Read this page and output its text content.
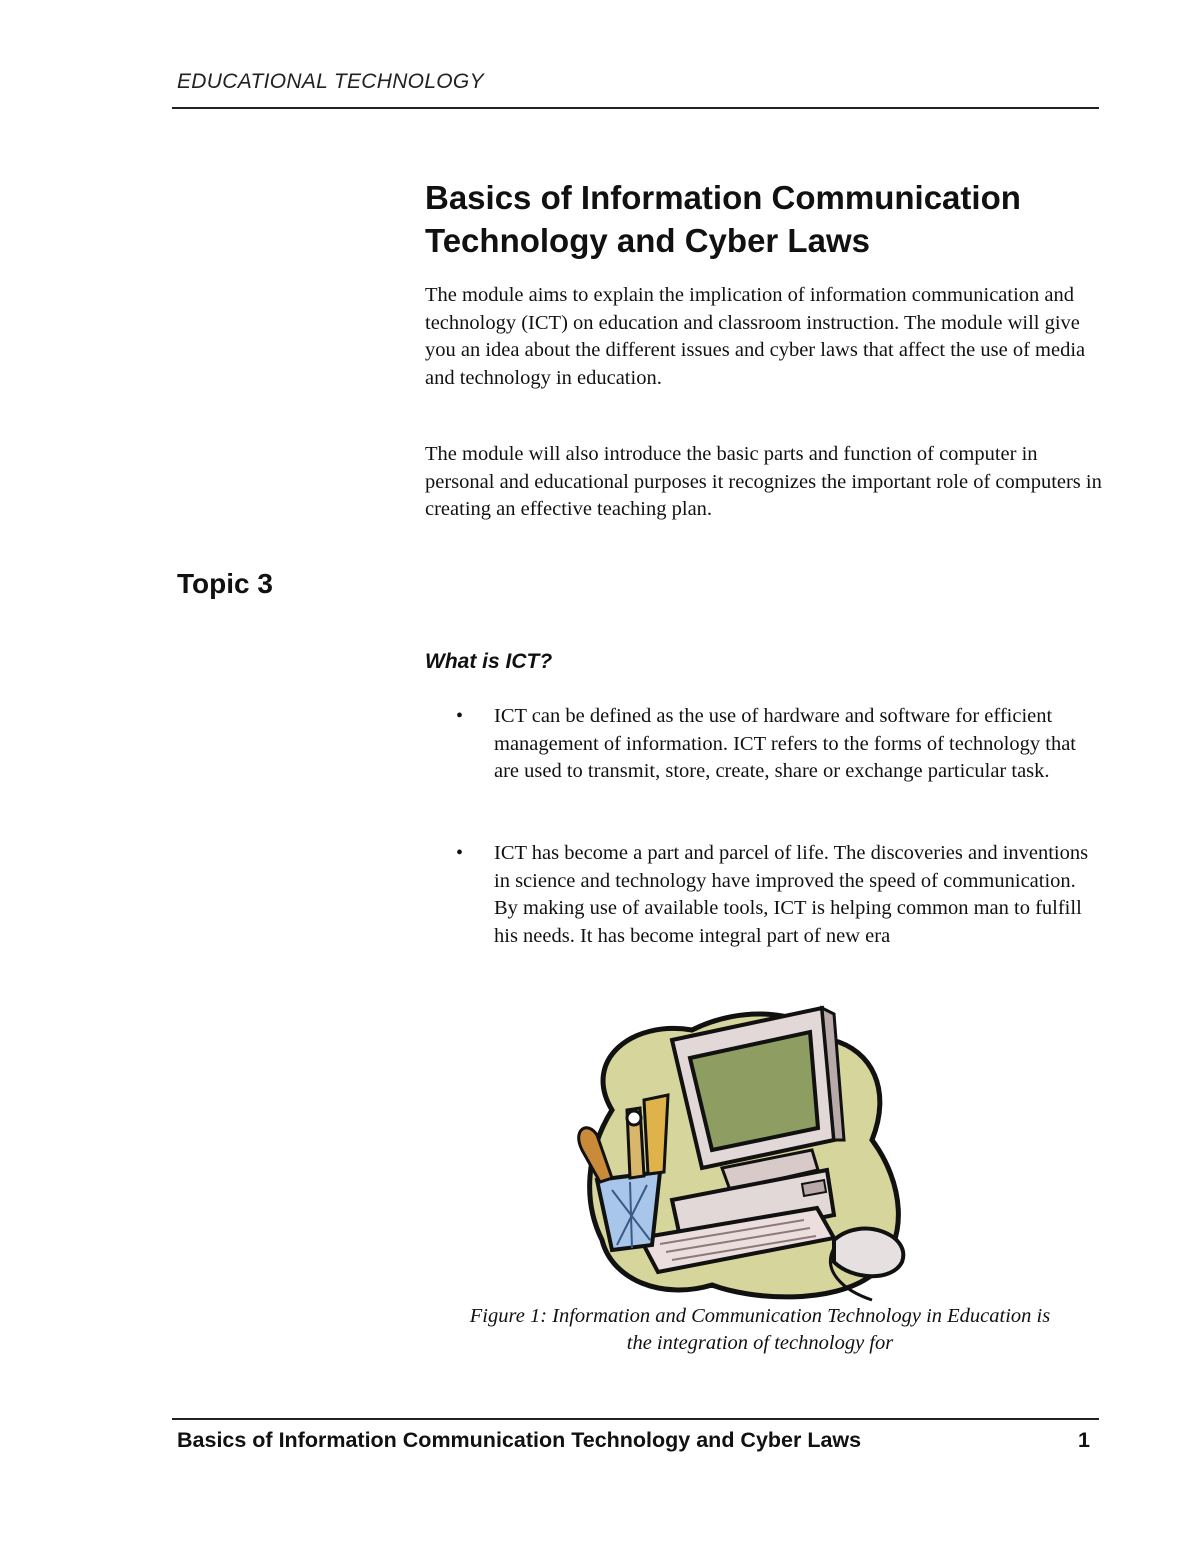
EDUCATIONAL TECHNOLOGY
Basics of Information Communication
Technology and Cyber Laws

The module aims to explain the implication of information communication and technology (ICT) on education and classroom instruction. The module will give you an idea about the different issues and cyber laws that affect the use of media and technology in education.

The module will also introduce the basic parts and function of computer in personal and educational purposes it recognizes the important role of computers in creating an effective teaching plan.

Topic 3
What is ICT?
• ICT can be defined as the use of hardware and software for efficient management of information. ICT refers to the forms of technology that are used to transmit, store, create, share or exchange particular task.
• ICT has become a part and parcel of life. The discoveries and inventions in science and technology have improved the speed of communication. By making use of available tools, ICT is helping common man to fulfill his needs. It has become integral part of new era

Figure 1: Information and Communication Technology in Education is
the integration of technology for

Basics of Information Communication Technology and Cyber Laws	1
